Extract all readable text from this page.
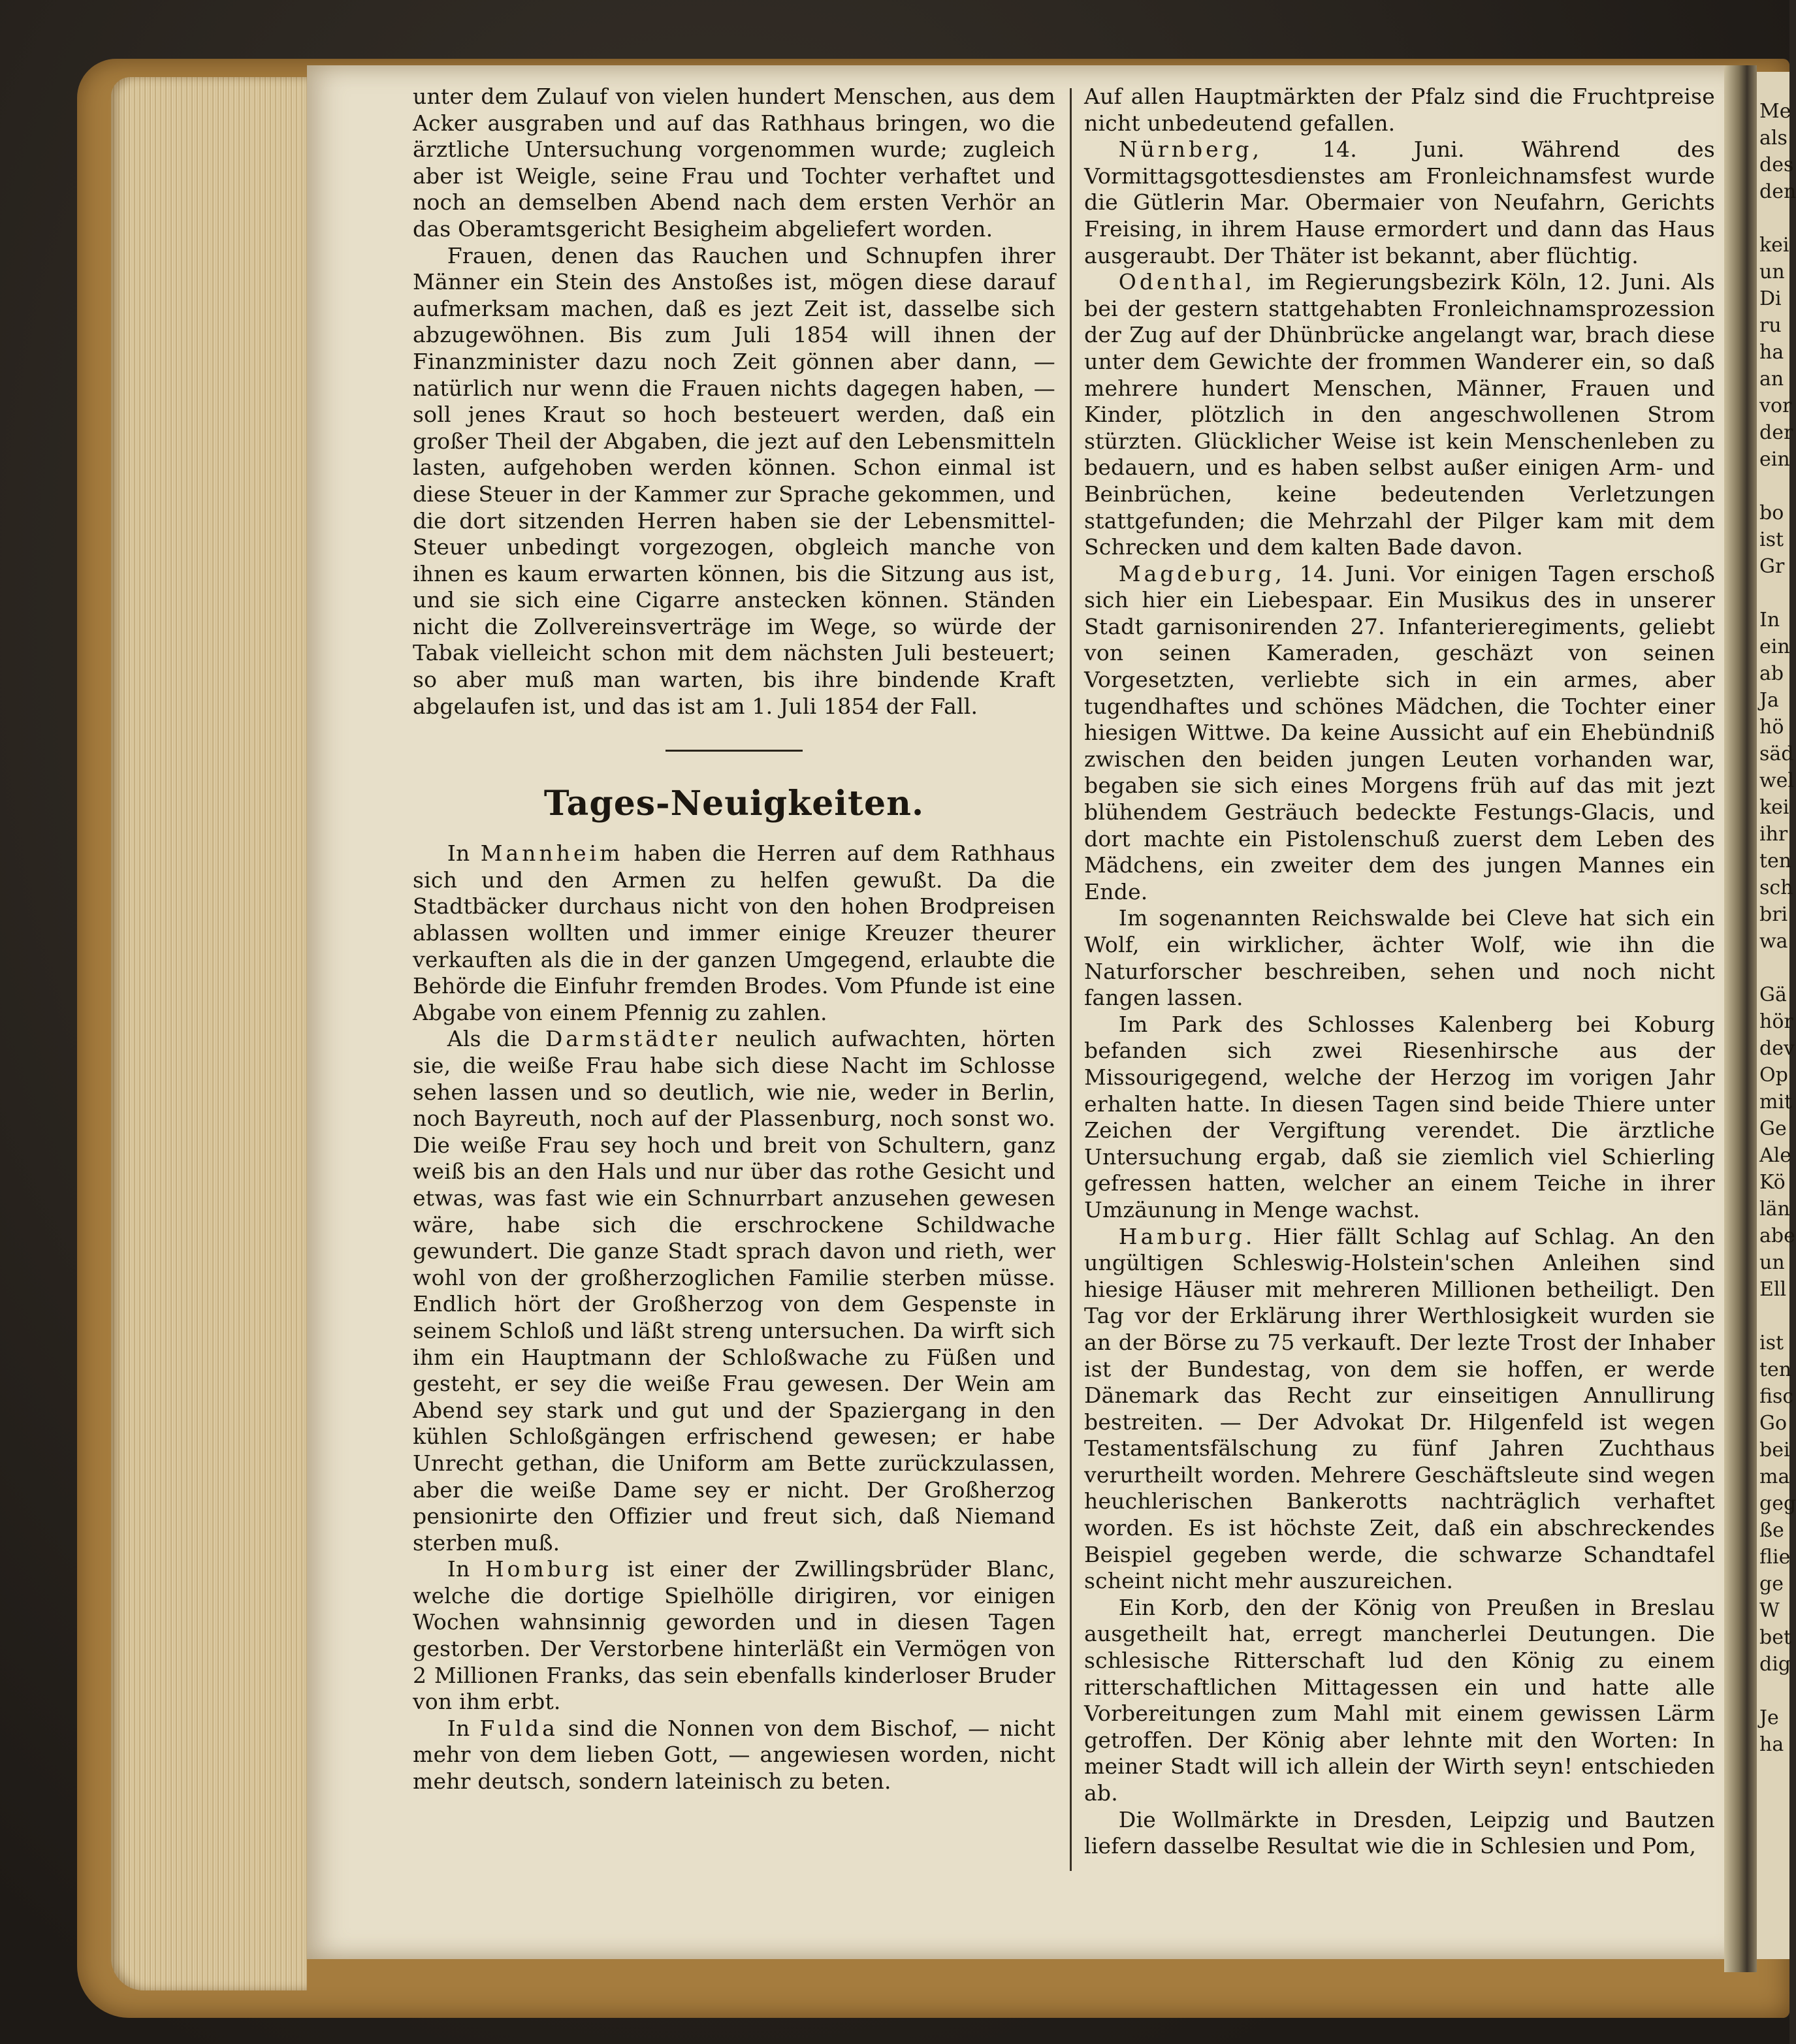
unter dem Zulauf von vielen hundert Menschen, aus dem Acker ausgraben und auf das Rathhaus bringen, wo die ärztliche Untersuchung vorgenommen wurde; zugleich aber ist Weigle, seine Frau und Tochter verhaftet und noch an demselben Abend nach dem ersten Verhör an das Oberamtsgericht Besigheim abgeliefert worden.

Frauen, denen das Rauchen und Schnupfen ihrer Männer ein Stein des Anstoßes ist, mögen diese darauf aufmerksam machen, daß es jezt Zeit ist, dasselbe sich abzugewöhnen. Bis zum Juli 1854 will ihnen der Finanzminister dazu noch Zeit gönnen aber dann, — natürlich nur wenn die Frauen nichts dagegen haben, — soll jenes Kraut so hoch besteuert werden, daß ein großer Theil der Abgaben, die jezt auf den Lebensmitteln lasten, aufgehoben werden können. Schon einmal ist diese Steuer in der Kammer zur Sprache gekommen, und die dort sitzenden Herren haben sie der Lebensmittel-Steuer unbedingt vorgezogen, obgleich manche von ihnen es kaum erwarten können, bis die Sitzung aus ist, und sie sich eine Cigarre anstecken können. Ständen nicht die Zollvereinsverträge im Wege, so würde der Tabak vielleicht schon mit dem nächsten Juli besteuert; so aber muß man warten, bis ihre bindende Kraft abgelaufen ist, und das ist am 1. Juli 1854 der Fall.

Tages-Neuigkeiten.

In Mannheim haben die Herren auf dem Rathhaus sich und den Armen zu helfen gewußt. Da die Stadtbäcker durchaus nicht von den hohen Brodpreisen ablassen wollten und immer einige Kreuzer theurer verkauften als die in der ganzen Umgegend, erlaubte die Behörde die Einfuhr fremden Brodes. Vom Pfunde ist eine Abgabe von einem Pfennig zu zahlen.

Als die Darmstädter neulich aufwachten, hörten sie, die weiße Frau habe sich diese Nacht im Schlosse sehen lassen und so deutlich, wie nie, weder in Berlin, noch Bayreuth, noch auf der Plassenburg, noch sonst wo. Die weiße Frau sey hoch und breit von Schultern, ganz weiß bis an den Hals und nur über das rothe Gesicht und etwas, was fast wie ein Schnurrbart anzusehen gewesen wäre, habe sich die erschrockene Schildwache gewundert. Die ganze Stadt sprach davon und rieth, wer wohl von der großherzoglichen Familie sterben müsse. Endlich hört der Großherzog von dem Gespenste in seinem Schloß und läßt streng untersuchen. Da wirft sich ihm ein Hauptmann der Schloßwache zu Füßen und gesteht, er sey die weiße Frau gewesen. Der Wein am Abend sey stark und gut und der Spaziergang in den kühlen Schloßgängen erfrischend gewesen; er habe Unrecht gethan, die Uniform am Bette zurückzulassen, aber die weiße Dame sey er nicht. Der Großherzog pensionirte den Offizier und freut sich, daß Niemand sterben muß.

In Homburg ist einer der Zwillingsbrüder Blanc, welche die dortige Spielhölle dirigiren, vor einigen Wochen wahnsinnig geworden und in diesen Tagen gestorben. Der Verstorbene hinterläßt ein Vermögen von 2 Millionen Franks, das sein ebenfalls kinderloser Bruder von ihm erbt.

In Fulda sind die Nonnen von dem Bischof, — nicht mehr von dem lieben Gott, — angewiesen worden, nicht mehr deutsch, sondern lateinisch zu beten.

Auf allen Hauptmärkten der Pfalz sind die Fruchtpreise nicht unbedeutend gefallen.

Nürnberg, 14. Juni. Während des Vormittagsgottesdienstes am Fronleichnamsfest wurde die Gütlerin Mar. Obermaier von Neufahrn, Gerichts Freising, in ihrem Hause ermordert und dann das Haus ausgeraubt. Der Thäter ist bekannt, aber flüchtig.

Odenthal, im Regierungsbezirk Köln, 12. Juni. Als bei der gestern stattgehabten Fronleichnamsprozession der Zug auf der Dhünbrücke angelangt war, brach diese unter dem Gewichte der frommen Wanderer ein, so daß mehrere hundert Menschen, Männer, Frauen und Kinder, plötzlich in den angeschwollenen Strom stürzten. Glücklicher Weise ist kein Menschenleben zu bedauern, und es haben selbst außer einigen Arm- und Beinbrüchen, keine bedeutenden Verletzungen stattgefunden; die Mehrzahl der Pilger kam mit dem Schrecken und dem kalten Bade davon.

Magdeburg, 14. Juni. Vor einigen Tagen erschoß sich hier ein Liebespaar. Ein Musikus des in unserer Stadt garnisonirenden 27. Infanterieregiments, geliebt von seinen Kameraden, geschäzt von seinen Vorgesetzten, verliebte sich in ein armes, aber tugendhaftes und schönes Mädchen, die Tochter einer hiesigen Wittwe. Da keine Aussicht auf ein Ehebündniß zwischen den beiden jungen Leuten vorhanden war, begaben sie sich eines Morgens früh auf das mit jezt blühendem Gesträuch bedeckte Festungs-Glacis, und dort machte ein Pistolenschuß zuerst dem Leben des Mädchens, ein zweiter dem des jungen Mannes ein Ende.

Im sogenannten Reichswalde bei Cleve hat sich ein Wolf, ein wirklicher, ächter Wolf, wie ihn die Naturforscher beschreiben, sehen und noch nicht fangen lassen.

Im Park des Schlosses Kalenberg bei Koburg befanden sich zwei Riesenhirsche aus der Missourigegend, welche der Herzog im vorigen Jahr erhalten hatte. In diesen Tagen sind beide Thiere unter Zeichen der Vergiftung verendet. Die ärztliche Untersuchung ergab, daß sie ziemlich viel Schierling gefressen hatten, welcher an einem Teiche in ihrer Umzäunung in Menge wachst.

Hamburg. Hier fällt Schlag auf Schlag. An den ungültigen Schleswig-Holstein'schen Anleihen sind hiesige Häuser mit mehreren Millionen betheiligt. Den Tag vor der Erklärung ihrer Werthlosigkeit wurden sie an der Börse zu 75 verkauft. Der lezte Trost der Inhaber ist der Bundestag, von dem sie hoffen, er werde Dänemark das Recht zur einseitigen Annullirung bestreiten. — Der Advokat Dr. Hilgenfeld ist wegen Testamentsfälschung zu fünf Jahren Zuchthaus verurtheilt worden. Mehrere Geschäftsleute sind wegen heuchlerischen Bankerotts nachträglich verhaftet worden. Es ist höchste Zeit, daß ein abschreckendes Beispiel gegeben werde, die schwarze Schandtafel scheint nicht mehr auszureichen.

Ein Korb, den der König von Preußen in Breslau ausgetheilt hat, erregt mancherlei Deutungen. Die schlesische Ritterschaft lud den König zu einem ritterschaftlichen Mittagessen ein und hatte alle Vorbereitungen zum Mahl mit einem gewissen Lärm getroffen. Der König aber lehnte mit den Worten: In meiner Stadt will ich allein der Wirth seyn! entschieden ab.

Die Wollmärkte in Dresden, Leipzig und Bautzen liefern dasselbe Resultat wie die in Schlesien und Pom,

Me
als
des
den
kei
un
Di
ru
ha
an
vor
der
ein
bo
ist
Gr
In
ein
ab
Ja
hö
säd
wel
kei
ihr
ten
sch
bri
wa
Gä
hör
dev
Op
mit
Ge
Ale
Kö
län
abe
un
Ell
ist
ten
fisc
Go
bei
ma
geg
ße
flie
ge
W
bet
dig
Je
ha
